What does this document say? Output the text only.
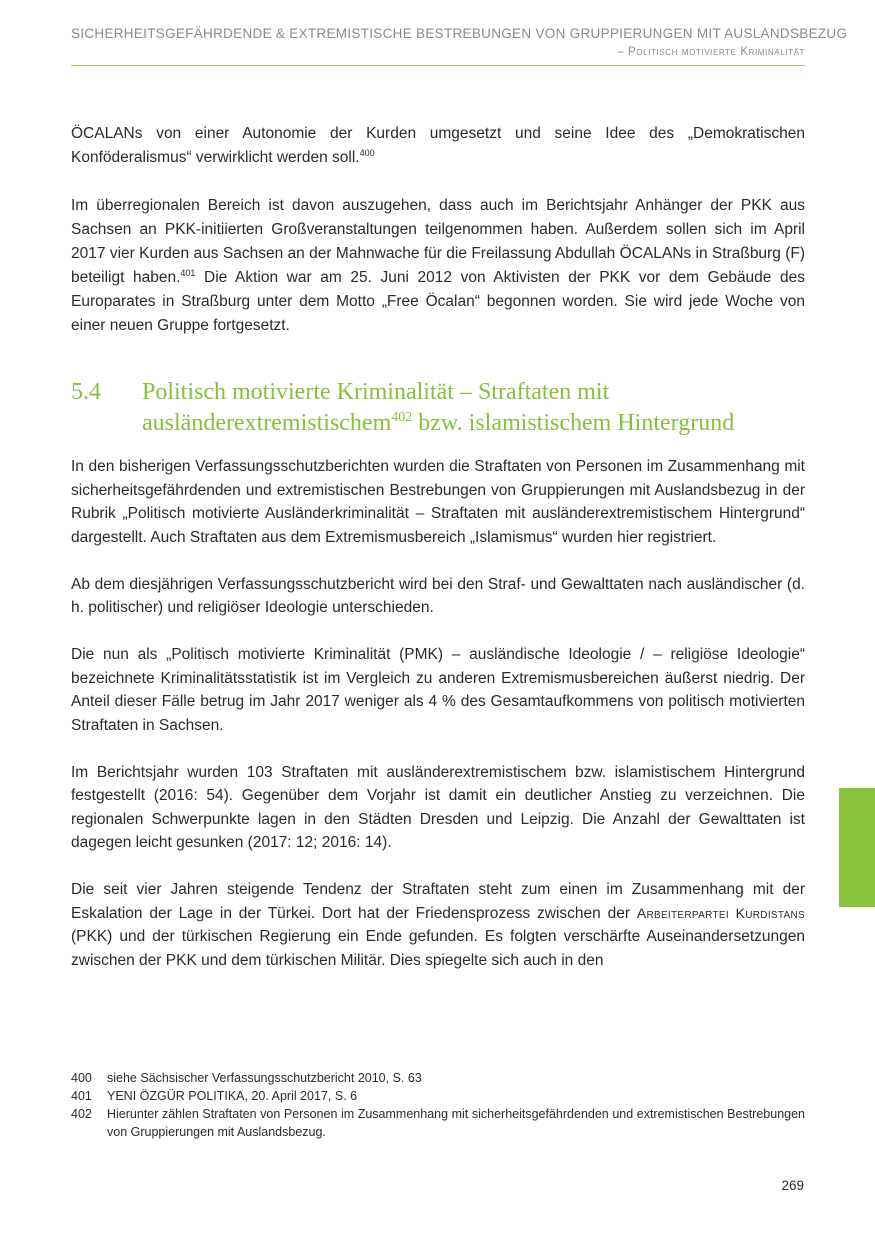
SICHERHEITSGEFÄHRDENDE & EXTREMISTISCHE BESTREBUNGEN VON GRUPPIERUNGEN MIT AUSLANDSBEZUG
– Politisch motivierte Kriminalität

ÖCALANs von einer Autonomie der Kurden umgesetzt und seine Idee des „Demokratischen Konföderalismus“ verwirklicht werden soll.$^{400}$

Im überregionalen Bereich ist davon auszugehen, dass auch im Berichtsjahr Anhänger der PKK aus Sachsen an PKK-initiierten Großveranstaltungen teilgenommen haben. Außerdem sollen sich im April 2017 vier Kurden aus Sachsen an der Mahnwache für die Freilassung Abdullah ÖCALANs in Straßburg (F) beteiligt haben.$^{401}$ Die Aktion war am 25. Juni 2012 von Aktivisten der PKK vor dem Gebäude des Europarates in Straßburg unter dem Motto „Free Öcalan“ begonnen worden. Sie wird jede Woche von einer neuen Gruppe fortgesetzt.

5.4 Politisch motivierte Kriminalität – Straftaten mit
ausländerextremistischem$^{402}$ bzw. islamistischem Hintergrund

In den bisherigen Verfassungsschutzberichten wurden die Straftaten von Personen im Zusammenhang mit sicherheitsgefährdenden und extremistischen Bestrebungen von Gruppierungen mit Auslandsbezug in der Rubrik „Politisch motivierte Ausländerkriminalität – Straftaten mit ausländerextremistischem Hintergrund“ dargestellt. Auch Straftaten aus dem Extremismusbereich „Islamismus“ wurden hier registriert.

Ab dem diesjährigen Verfassungsschutzbericht wird bei den Straf- und Gewalttaten nach ausländischer (d. h. politischer) und religiöser Ideologie unterschieden.

Die nun als „Politisch motivierte Kriminalität (PMK) – ausländische Ideologie / – religiöse Ideologie“ bezeichnete Kriminalitätsstatistik ist im Vergleich zu anderen Extremismusbereichen äußerst niedrig. Der Anteil dieser Fälle betrug im Jahr 2017 weniger als 4 % des Gesamtaufkommens von politisch motivierten Straftaten in Sachsen.

Im Berichtsjahr wurden 103 Straftaten mit ausländerextremistischem bzw. islamistischem Hintergrund festgestellt (2016: 54). Gegenüber dem Vorjahr ist damit ein deutlicher Anstieg zu verzeichnen. Die regionalen Schwerpunkte lagen in den Städten Dresden und Leipzig. Die Anzahl der Gewalttaten ist dagegen leicht gesunken (2017: 12; 2016: 14).

Die seit vier Jahren steigende Tendenz der Straftaten steht zum einen im Zusammenhang mit der Eskalation der Lage in der Türkei. Dort hat der Friedensprozess zwischen der Arbeiterpartei Kurdistans (PKK) und der türkischen Regierung ein Ende gefunden. Es folgten verschärfte Auseinandersetzungen zwischen der PKK und dem türkischen Militär. Dies spiegelte sich auch in den

400 siehe Sächsischer Verfassungsschutzbericht 2010, S. 63
401 YENI ÖZGÜR POLITIKA, 20. April 2017, S. 6
402 Hierunter zählen Straftaten von Personen im Zusammenhang mit sicherheitsgefährdenden und extremistischen Bestrebungen von Gruppierungen mit Auslandsbezug.
269
